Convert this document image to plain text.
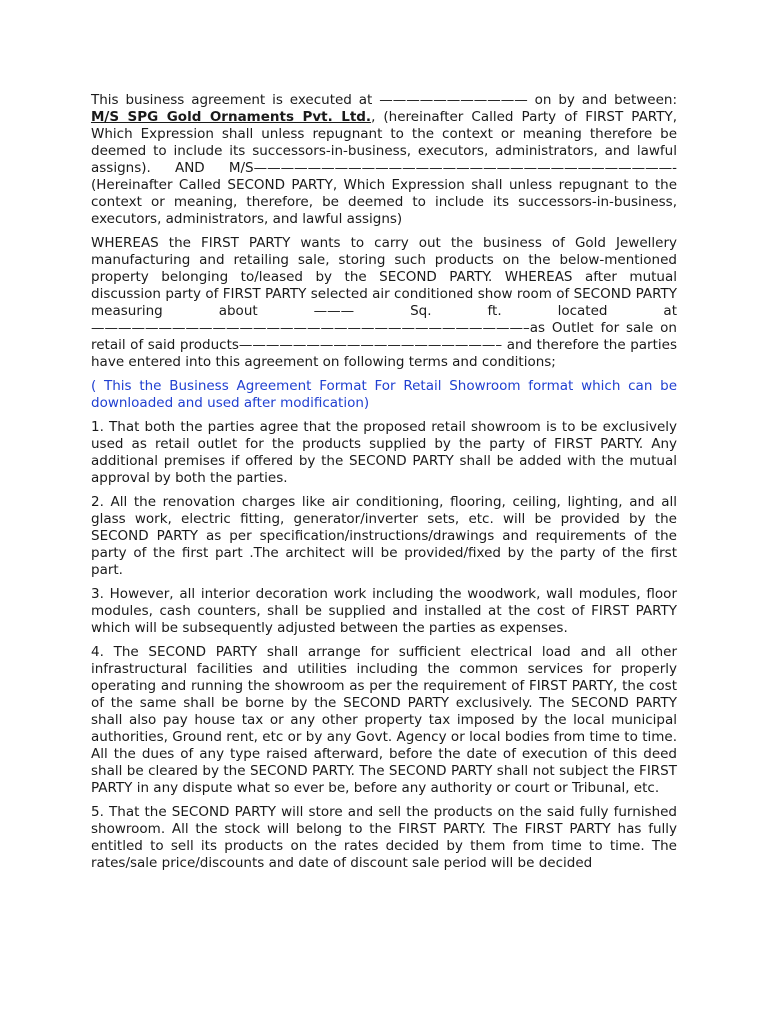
This business agreement is executed at ——————————— on by and between: M/S SPG Gold Ornaments Pvt. Ltd., (hereinafter Called Party of FIRST PARTY, Which Expression shall unless repugnant to the context or meaning therefore be deemed to include its successors-in-business, executors, administrators, and lawful assigns). AND M/S———————————————————————————————- (Hereinafter Called SECOND PARTY, Which Expression shall unless repugnant to the context or meaning, therefore, be deemed to include its successors-in-business, executors, administrators, and lawful assigns)

WHEREAS the FIRST PARTY wants to carry out the business of Gold Jewellery manufacturing and retailing sale, storing such products on the below-mentioned property belonging to/leased by the SECOND PARTY. WHEREAS after mutual discussion party of FIRST PARTY selected air conditioned show room of SECOND PARTY measuring about ——— Sq. ft. located at ————————————————————————————————–as Outlet for sale on retail of said products———————————————————– and therefore the parties have entered into this agreement on following terms and conditions;

( This the Business Agreement Format For Retail Showroom format which can be downloaded and used after modification)

1. That both the parties agree that the proposed retail showroom is to be exclusively used as retail outlet for the products supplied by the party of FIRST PARTY. Any additional premises if offered by the SECOND PARTY shall be added with the mutual approval by both the parties.

2. All the renovation charges like air conditioning, flooring, ceiling, lighting, and all glass work, electric fitting, generator/inverter sets, etc. will be provided by the SECOND PARTY as per specification/instructions/drawings and requirements of the party of the first part .The architect will be provided/fixed by the party of the first part.

3. However, all interior decoration work including the woodwork, wall modules, floor modules, cash counters, shall be supplied and installed at the cost of FIRST PARTY which will be subsequently adjusted between the parties as expenses.

4. The SECOND PARTY shall arrange for sufficient electrical load and all other infrastructural facilities and utilities including the common services for properly operating and running the showroom as per the requirement of FIRST PARTY, the cost of the same shall be borne by the SECOND PARTY exclusively. The SECOND PARTY shall also pay house tax or any other property tax imposed by the local municipal authorities, Ground rent, etc or by any Govt. Agency or local bodies from time to time. All the dues of any type raised afterward, before the date of execution of this deed shall be cleared by the SECOND PARTY. The SECOND PARTY shall not subject the FIRST PARTY in any dispute what so ever be, before any authority or court or Tribunal, etc.

5. That the SECOND PARTY will store and sell the products on the said fully furnished showroom. All the stock will belong to the FIRST PARTY. The FIRST PARTY has fully entitled to sell its products on the rates decided by them from time to time. The rates/sale price/discounts and date of discount sale period will be decided
